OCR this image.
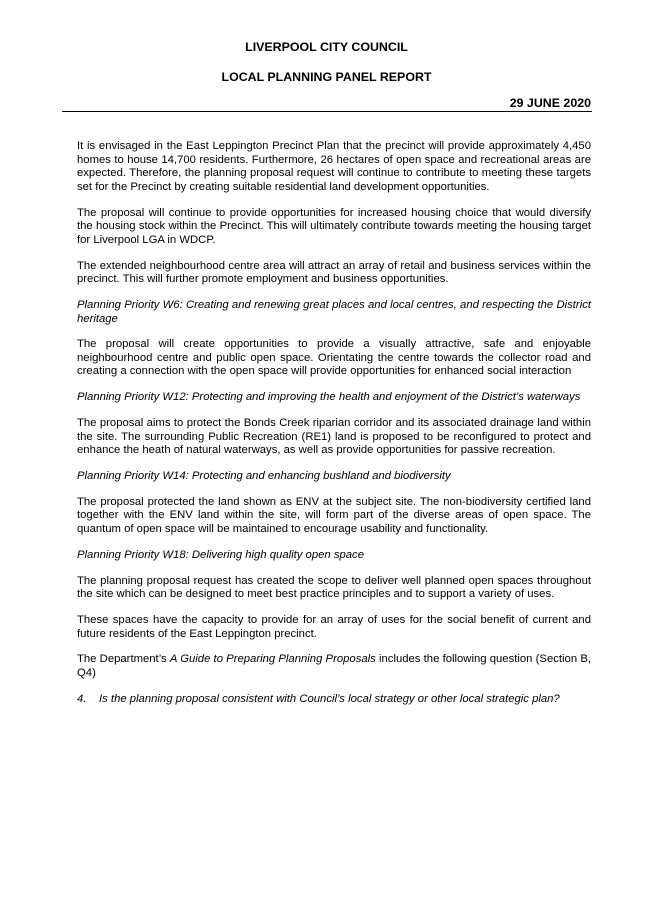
LIVERPOOL CITY COUNCIL
LOCAL PLANNING PANEL REPORT
29 JUNE 2020

It is envisaged in the East Leppington Precinct Plan that the precinct will provide approximately 4,450 homes to house 14,700 residents. Furthermore, 26 hectares of open space and recreational areas are expected. Therefore, the planning proposal request will continue to contribute to meeting these targets set for the Precinct by creating suitable residential land development opportunities.

The proposal will continue to provide opportunities for increased housing choice that would diversify the housing stock within the Precinct. This will ultimately contribute towards meeting the housing target for Liverpool LGA in WDCP.

The extended neighbourhood centre area will attract an array of retail and business services within the precinct. This will further promote employment and business opportunities.

Planning Priority W6: Creating and renewing great places and local centres, and respecting the District heritage

The proposal will create opportunities to provide a visually attractive, safe and enjoyable neighbourhood centre and public open space. Orientating the centre towards the collector road and creating a connection with the open space will provide opportunities for enhanced social interaction

Planning Priority W12: Protecting and improving the health and enjoyment of the District’s waterways

The proposal aims to protect the Bonds Creek riparian corridor and its associated drainage land within the site. The surrounding Public Recreation (RE1) land is proposed to be reconfigured to protect and enhance the heath of natural waterways, as well as provide opportunities for passive recreation.

Planning Priority W14: Protecting and enhancing bushland and biodiversity

The proposal protected the land shown as ENV at the subject site. The non-biodiversity certified land together with the ENV land within the site, will form part of the diverse areas of open space. The quantum of open space will be maintained to encourage usability and functionality.

Planning Priority W18: Delivering high quality open space

The planning proposal request has created the scope to deliver well planned open spaces throughout the site which can be designed to meet best practice principles and to support a variety of uses.

These spaces have the capacity to provide for an array of uses for the social benefit of current and future residents of the East Leppington precinct.

The Department’s A Guide to Preparing Planning Proposals includes the following question (Section B, Q4)

4. Is the planning proposal consistent with Council’s local strategy or other local strategic plan?
